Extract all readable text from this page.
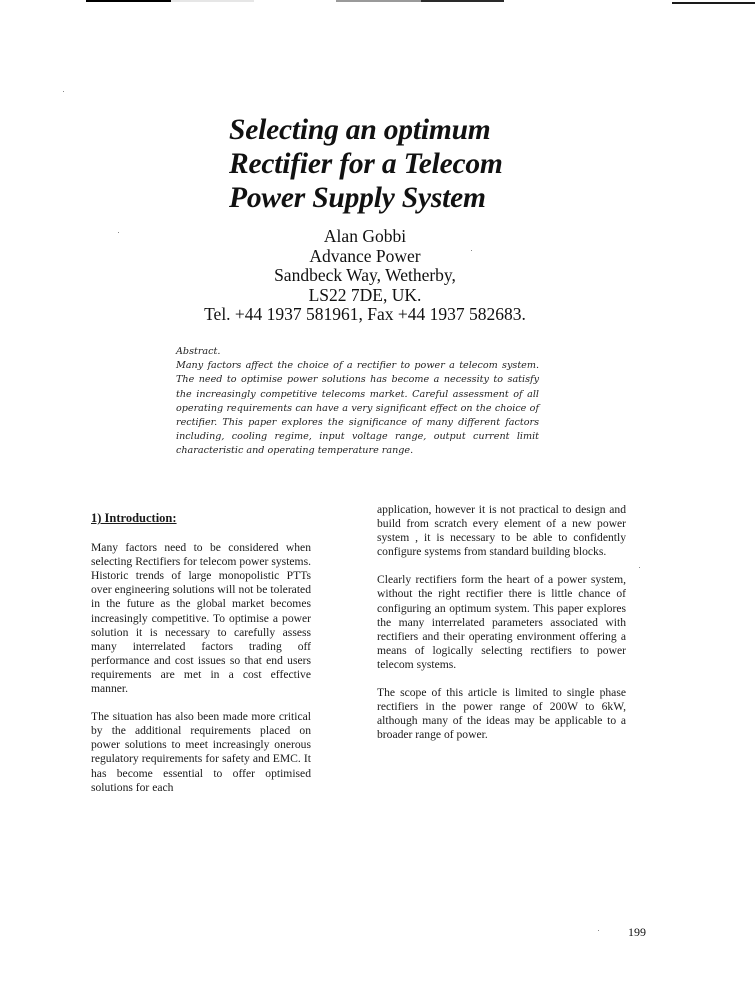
Selecting an optimum
Rectifier for a Telecom
Power Supply System
Alan Gobbi
Advance Power
Sandbeck Way, Wetherby,
LS22 7DE, UK.
Tel. +44 1937 581961, Fax +44 1937 582683.
Abstract.
Many factors affect the choice of a rectifier to power a telecom system. The need to optimise power solutions has become a necessity to satisfy the increasingly competitive telecoms market. Careful assessment of all operating requirements can have a very significant effect on the choice of rectifier. This paper explores the significance of many different factors including, cooling regime, input voltage range, output current limit characteristic and operating temperature range.

1) Introduction:

Many factors need to be considered when selecting Rectifiers for telecom power systems. Historic trends of large monopolistic PTTs over engineering solutions will not be tolerated in the future as the global market becomes increasingly competitive. To optimise a power solution it is necessary to carefully assess many interrelated factors trading off performance and cost issues so that end users requirements are met in a cost effective manner.

The situation has also been made more critical by the additional requirements placed on power solutions to meet increasingly onerous regulatory requirements for safety and EMC. It has become essential to offer optimised solutions for each

application, however it is not practical to design and build from scratch every element of a new power system , it is necessary to be able to confidently configure systems from standard building blocks.

Clearly rectifiers form the heart of a power system, without the right rectifier there is little chance of configuring an optimum system. This paper explores the many interrelated parameters associated with rectifiers and their operating environment offering a means of logically selecting rectifiers to power telecom systems.

The scope of this article is limited to single phase rectifiers in the power range of 200W to 6kW, although many of the ideas may be applicable to a broader range of power.

199
